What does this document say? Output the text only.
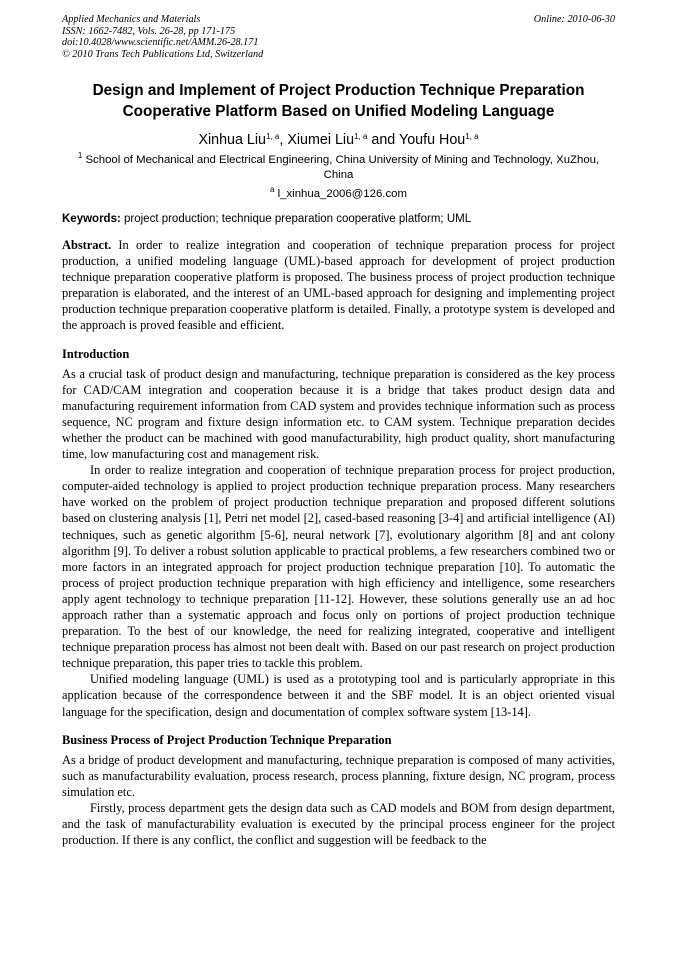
Applied Mechanics and Materials
ISSN: 1662-7482, Vols. 26-28, pp 171-175
doi:10.4028/www.scientific.net/AMM.26-28.171
© 2010 Trans Tech Publications Ltd, Switzerland
Online: 2010-06-30
Design and Implement of Project Production Technique Preparation
Cooperative Platform Based on Unified Modeling Language
Xinhua Liu$^{1, a}$, Xiumei Liu$^{1, a}$ and Youfu Hou$^{1, a}$
$^1$ School of Mechanical and Electrical Engineering, China University of Mining and Technology, XuZhou, China
$^a$ l_xinhua_2006@126.com
Keywords: project production; technique preparation cooperative platform; UML
Abstract. In order to realize integration and cooperation of technique preparation process for project production, a unified modeling language (UML)-based approach for development of project production technique preparation cooperative platform is proposed. The business process of project production technique preparation is elaborated, and the interest of an UML-based approach for designing and implementing project production technique preparation cooperative platform is detailed. Finally, a prototype system is developed and the approach is proved feasible and efficient.
Introduction

As a crucial task of product design and manufacturing, technique preparation is considered as the key process for CAD/CAM integration and cooperation because it is a bridge that takes product design data and manufacturing requirement information from CAD system and provides technique information such as process sequence, NC program and fixture design information etc. to CAM system. Technique preparation decides whether the product can be machined with good manufacturability, high product quality, short manufacturing time, low manufacturing cost and management risk.

In order to realize integration and cooperation of technique preparation process for project production, computer-aided technology is applied to project production technique preparation process. Many researchers have worked on the problem of project production technique preparation and proposed different solutions based on clustering analysis [1], Petri net model [2], cased-based reasoning [3-4] and artificial intelligence (AI) techniques, such as genetic algorithm [5-6], neural network [7], evolutionary algorithm [8] and ant colony algorithm [9]. To deliver a robust solution applicable to practical problems, a few researchers combined two or more factors in an integrated approach for project production technique preparation [10]. To automatic the process of project production technique preparation with high efficiency and intelligence, some researchers apply agent technology to technique preparation [11-12]. However, these solutions generally use an ad hoc approach rather than a systematic approach and focus only on portions of project production technique preparation. To the best of our knowledge, the need for realizing integrated, cooperative and intelligent technique preparation process has almost not been dealt with. Based on our past research on project production technique preparation, this paper tries to tackle this problem.

Unified modeling language (UML) is used as a prototyping tool and is particularly appropriate in this application because of the correspondence between it and the SBF model. It is an object oriented visual language for the specification, design and documentation of complex software system [13-14].

Business Process of Project Production Technique Preparation

As a bridge of product development and manufacturing, technique preparation is composed of many activities, such as manufacturability evaluation, process research, process planning, fixture design, NC program, process simulation etc.

Firstly, process department gets the design data such as CAD models and BOM from design department, and the task of manufacturability evaluation is executed by the principal process engineer for the project production. If there is any conflict, the conflict and suggestion will be feedback to the
